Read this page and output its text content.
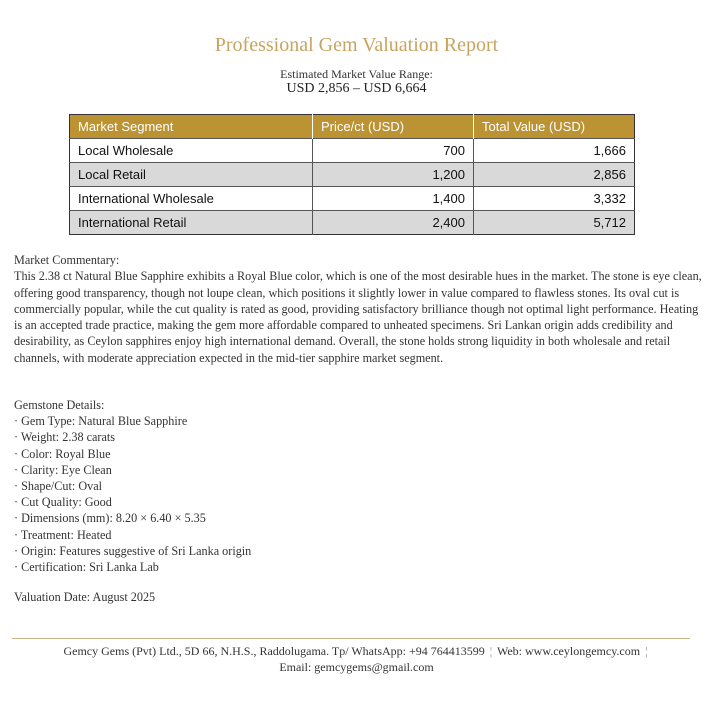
Professional Gem Valuation Report
Estimated Market Value Range:
USD 2,856 – USD 6,664
Market Segment	Price/ct (USD)	Total Value (USD)
Local Wholesale	700	1,666
Local Retail	1,200	2,856
International Wholesale	1,400	3,332
International Retail	2,400	5,712

Market Commentary:

This 2.38 ct Natural Blue Sapphire exhibits a Royal Blue color, which is one of the most desirable hues in the market. The stone is eye clean, offering good transparency, though not loupe clean, which positions it slightly lower in value compared to flawless stones. Its oval cut is commercially popular, while the cut quality is rated as good, providing satisfactory brilliance though not optimal light performance. Heating is an accepted trade practice, making the gem more affordable compared to unheated specimens. Sri Lankan origin adds credibility and desirability, as Ceylon sapphires enjoy high international demand. Overall, the stone holds strong liquidity in both wholesale and retail channels, with moderate appreciation expected in the mid-tier sapphire market segment.

Gemstone Details:
· Gem Type: Natural Blue Sapphire
· Weight: 2.38 carats
· Color: Royal Blue
· Clarity: Eye Clean
· Shape/Cut: Oval
· Cut Quality: Good
· Dimensions (mm): 8.20 × 6.40 × 5.35
· Treatment: Heated
· Origin: Features suggestive of Sri Lanka origin
· Certification: Sri Lanka Lab
Valuation Date: August 2025
Gemcy Gems (Pvt) Ltd., 5D 66, N.H.S., Raddolugama. Tp/ WhatsApp: +94 764413599 ¦ Web: www.ceylongemcy.com ¦
Email: gemcygems@gmail.com
